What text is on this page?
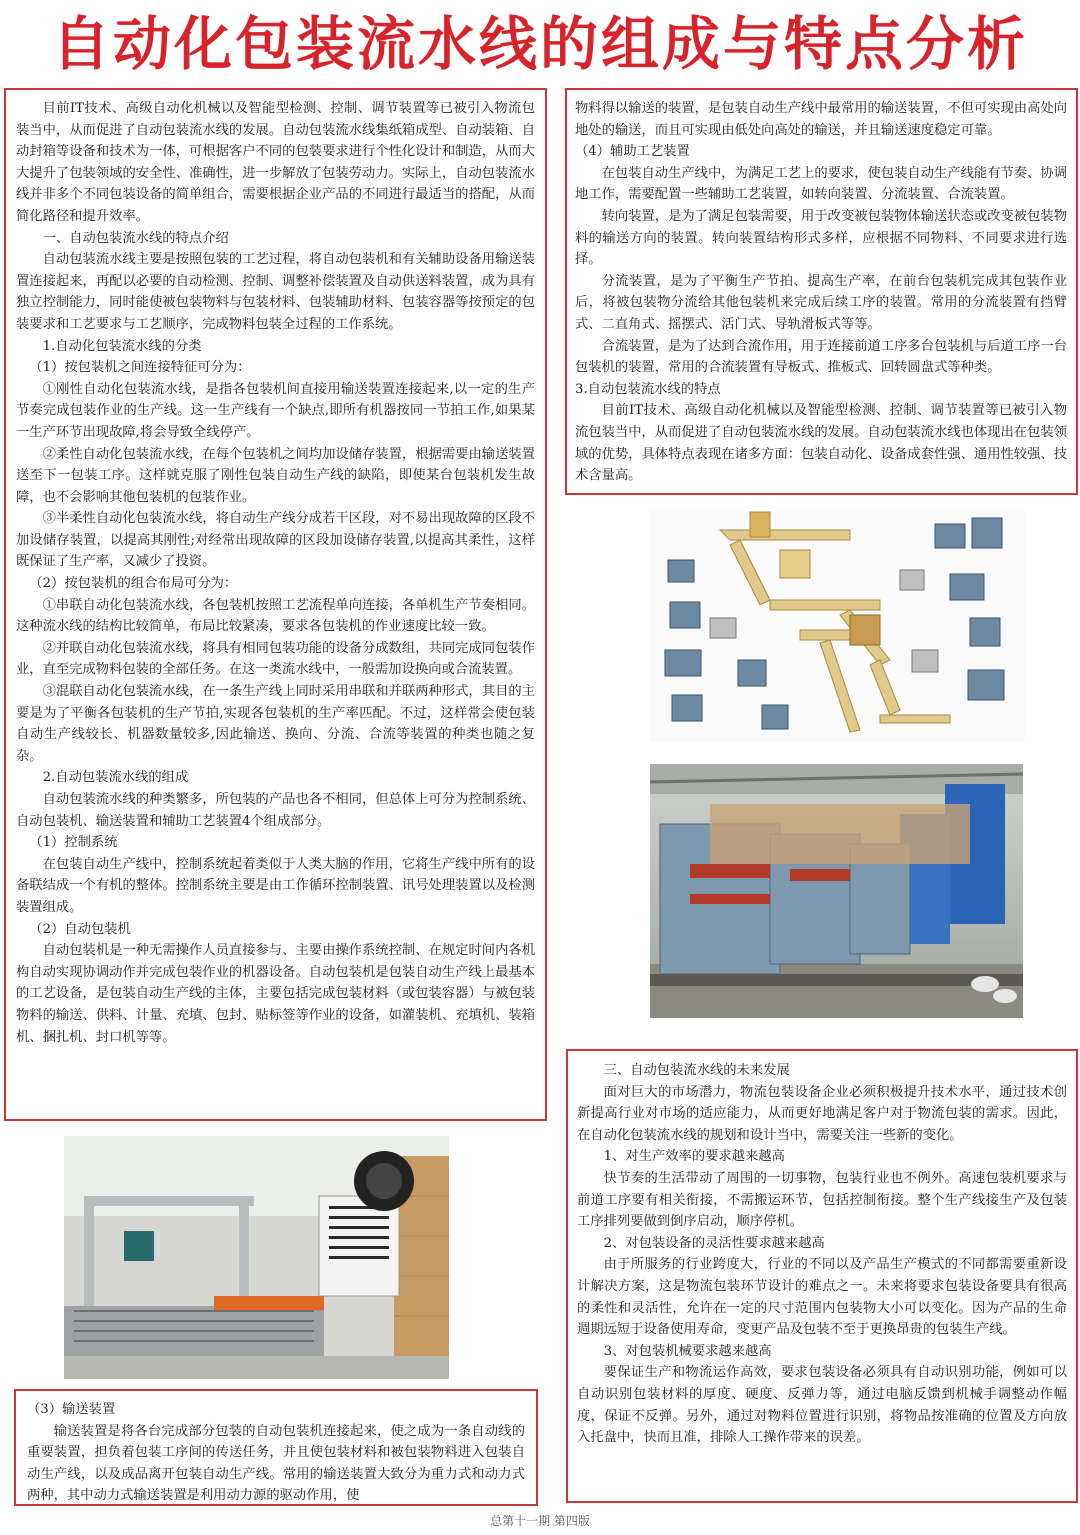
自动化包装流水线的组成与特点分析

目前IT技术、高级自动化机械以及智能型检测、控制、调节装置等已被引入物流包装当中，从而促进了自动包装流水线的发展。自动包装流水线集纸箱成型、自动装箱、自动封箱等设备和技术为一体，可根据客户不同的包装要求进行个性化设计和制造，从而大大提升了包装领域的安全性、准确性，进一步解放了包装劳动力。实际上，自动包装流水线并非多个不同包装设备的简单组合，需要根据企业产品的不同进行最适当的搭配，从而简化路径和提升效率。

一、自动包装流水线的特点介绍

自动包装流水线主要是按照包装的工艺过程，将自动包装机和有关辅助设备用输送装置连接起来，再配以必要的自动检测、控制、调整补偿装置及自动供送料装置，成为具有独立控制能力，同时能使被包装物料与包装材料、包装辅助材料、包装容器等按预定的包装要求和工艺要求与工艺顺序，完成物料包装全过程的工作系统。

1.自动化包装流水线的分类

（1）按包装机之间连接特征可分为：

①刚性自动化包装流水线，是指各包装机间直接用输送装置连接起来,以一定的生产节奏完成包装作业的生产线。这一生产线有一个缺点,即所有机器按同一节拍工作,如果某一生产环节出现故障,将会导致全线停产。

②柔性自动化包装流水线，在每个包装机之间均加设储存装置，根据需要由输送装置送至下一包装工序。这样就克服了刚性包装自动生产线的缺陷，即使某台包装机发生故障，也不会影响其他包装机的包装作业。

③半柔性自动化包装流水线，将自动生产线分成若干区段，对不易出现故障的区段不加设储存装置，以提高其刚性;对经常出现故障的区段加设储存装置,以提高其柔性，这样既保证了生产率，又减少了投资。

（2）按包装机的组合布局可分为：

①串联自动化包装流水线，各包装机按照工艺流程单向连接，各单机生产节奏相同。这种流水线的结构比较简单，布局比较紧凑，要求各包装机的作业速度比较一致。

②并联自动化包装流水线，将具有相同包装功能的设备分成数组，共同完成同包装作业，直至完成物料包装的全部任务。在这一类流水线中，一般需加设换向或合流装置。

③混联自动化包装流水线，在一条生产线上同时采用串联和并联两种形式，其目的主要是为了平衡各包装机的生产节拍,实现各包装机的生产率匹配。不过，这样常会使包装自动生产线较长、机器数量较多,因此输送、换向、分流、合流等装置的种类也随之复杂。

2.自动包装流水线的组成

自动包装流水线的种类繁多，所包装的产品也各不相同，但总体上可分为控制系统、自动包装机、输送装置和辅助工艺装置4个组成部分。

（1）控制系统

在包装自动生产线中，控制系统起着类似于人类大脑的作用，它将生产线中所有的设备联结成一个有机的整体。控制系统主要是由工作循环控制装置、讯号处理装置以及检测装置组成。

（2）自动包装机

自动包装机是一种无需操作人员直接参与、主要由操作系统控制、在规定时间内各机构自动实现协调动作并完成包装作业的机器设备。自动包装机是包装自动生产线上最基本的工艺设备，是包装自动生产线的主体，主要包括完成包装材料（或包装容器）与被包装物料的输送、供料、计量、充填、包封、贴标签等作业的设备，如灌装机、充填机、装箱机、捆扎机、封口机等等。

物料得以输送的装置，是包装自动生产线中最常用的输送装置，不但可实现由高处向地处的输送，而且可实现由低处向高处的输送，并且输送速度稳定可靠。

（4）辅助工艺装置

在包装自动生产线中，为满足工艺上的要求，使包装自动生产线能有节奏、协调地工作，需要配置一些辅助工艺装置，如转向装置、分流装置、合流装置。

转向装置，是为了满足包装需要，用于改变被包装物体输送状态或改变被包装物料的输送方向的装置。转向装置结构形式多样，应根据不同物料、不同要求进行选择。

分流装置，是为了平衡生产节拍、提高生产率，在前台包装机完成其包装作业后，将被包装物分流给其他包装机来完成后续工序的装置。常用的分流装置有挡臂式、二直角式、摇摆式、活门式、导轨滑板式等等。

合流装置，是为了达到合流作用，用于连接前道工序多台包装机与后道工序一台包装机的装置，常用的合流装置有导板式、推板式、回转圆盘式等种类。

3.自动包装流水线的特点

目前IT技术、高级自动化机械以及智能型检测、控制、调节装置等已被引入物流包装当中，从而促进了自动包装流水线的发展。自动包装流水线也体现出在包装领域的优势，具体特点表现在诸多方面：包装自动化、设备成套性强、通用性较强、技术含量高。

三、自动包装流水线的未来发展

面对巨大的市场潜力，物流包装设备企业必须积极提升技术水平，通过技术创新提高行业对市场的适应能力，从而更好地满足客户对于物流包装的需求。因此，在自动化包装流水线的规划和设计当中，需要关注一些新的变化。

1、对生产效率的要求越来越高

快节奏的生活带动了周围的一切事物，包装行业也不例外。高速包装机要求与前道工序要有相关衔接，不需搬运环节，包括控制衔接。整个生产线接生产及包装工序排列要做到倒序启动，顺序停机。

2、对包装设备的灵活性要求越来越高

由于所服务的行业跨度大，行业的不同以及产品生产模式的不同都需要重新设计解决方案，这是物流包装环节设计的难点之一。未来将要求包装设备要具有很高的柔性和灵活性，允许在一定的尺寸范围内包装物大小可以变化。因为产品的生命週期远短于设备使用寿命，变更产品及包装不至于更换昂贵的包装生产线。

3、对包装机械要求越来越高

要保证生产和物流运作高效，要求包装设备必须具有自动识别功能，例如可以自动识别包装材料的厚度、硬度、反弹力等，通过电脑反馈到机械手调整动作幅度，保证不反弹。另外，通过对物料位置进行识别，将物品按准确的位置及方向放入托盘中，快而且准，排除人工操作带来的误差。

（3）输送装置

输送装置是将各台完成部分包装的自动包装机连接起来，使之成为一条自动线的重要装置，担负着包装工序间的传送任务，并且使包装材料和被包装物料进入包装自动生产线，以及成品离开包装自动生产线。常用的输送装置大致分为重力式和动力式两种，其中动力式输送装置是利用动力源的驱动作用，使

总第十一期 第四版
